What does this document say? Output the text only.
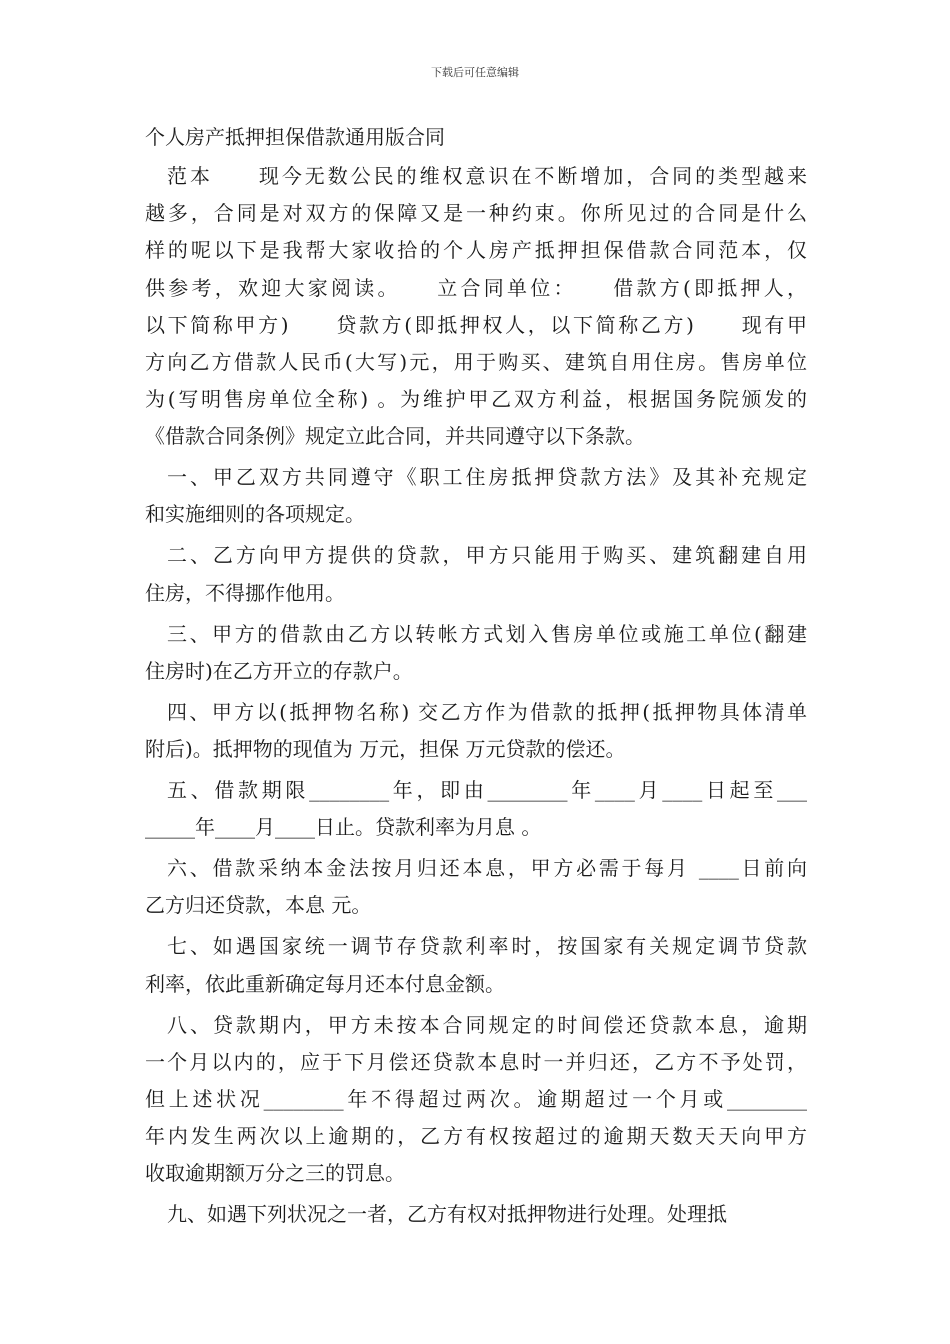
下载后可任意编辑
个人房产抵押担保借款通用版合同
范本　　现今无数公民的维权意识在不断增加，合同的类型越来
越多，合同是对双方的保障又是一种约束。你所见过的合同是什么
样的呢以下是我帮大家收拾的个人房产抵押担保借款合同范本，仅
供参考，欢迎大家阅读。　　立合同单位：　　借款方(即抵押人，
以下简称甲方)　　贷款方(即抵押权人，以下简称乙方)　　现有甲
方向乙方借款人民币(大写)元，用于购买、建筑自用住房。售房单位
为(写明售房单位全称) 。为维护甲乙双方利益，根据国务院颁发的
《借款合同条例》规定立此合同，并共同遵守以下条款。
一、甲乙双方共同遵守《职工住房抵押贷款方法》及其补充规定
和实施细则的各项规定。
二、乙方向甲方提供的贷款，甲方只能用于购买、建筑翻建自用
住房，不得挪作他用。
三、甲方的借款由乙方以转帐方式划入售房单位或施工单位(翻建
住房时)在乙方开立的存款户。
四、甲方以(抵押物名称) 交乙方作为借款的抵押(抵押物具体清单
附后)。抵押物的现值为 万元，担保 万元贷款的偿还。
五、借款期限________年，即由________年____月____日起至___
_____年____月____日止。贷款利率为月息 。
六、借款采纳本金法按月归还本息，甲方必需于每月 ____日前向
乙方归还贷款，本息 元。
七、如遇国家统一调节存贷款利率时，按国家有关规定调节贷款
利率，依此重新确定每月还本付息金额。
八、贷款期内，甲方未按本合同规定的时间偿还贷款本息，逾期
一个月以内的，应于下月偿还贷款本息时一并归还，乙方不予处罚，
但上述状况________年不得超过两次。逾期超过一个月或________
年内发生两次以上逾期的，乙方有权按超过的逾期天数天天向甲方
收取逾期额万分之三的罚息。
九、如遇下列状况之一者，乙方有权对抵押物进行处理。处理抵
